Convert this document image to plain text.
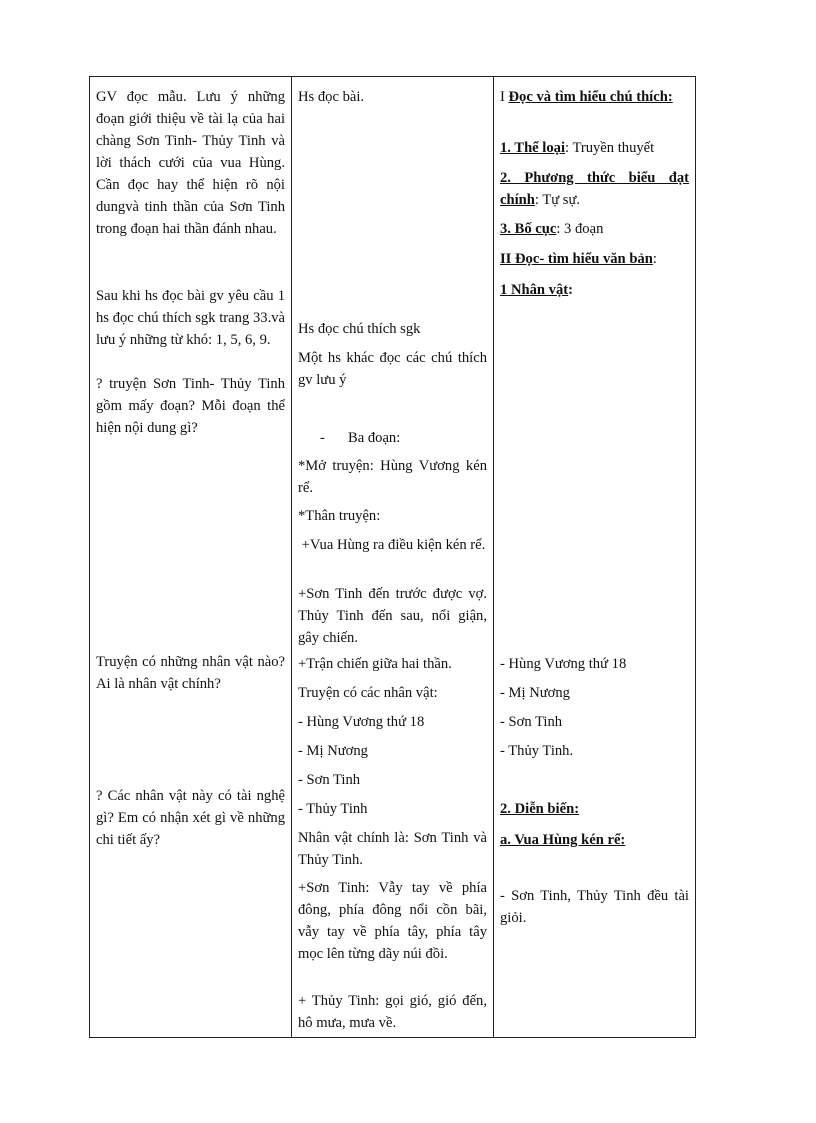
GV đọc mẫu. Lưu ý những đoạn giới thiệu về tài lạ của hai chàng Sơn Tinh- Thủy Tinh và lời thách cưới của vua Hùng. Cần đọc hay thể hiện rõ nội dungvà tinh thần của Sơn Tinh trong đoạn hai thần đánh nhau.

Sau khi hs đọc bài gv yêu cầu 1 hs đọc chú thích sgk trang 33.và lưu ý những từ khó: 1, 5, 6, 9.

? truyện Sơn Tinh- Thủy Tinh gồm mấy đoạn? Mỗi đoạn thể hiện nội dung gì?

Truyện có những nhân vật nào? Ai là nhân vật chính?

? Các nhân vật này có tài nghệ gì? Em có nhận xét gì về những chi tiết ấy?

Hs đọc bài.

Hs đọc chú thích sgk

Một hs khác đọc các chú thích gv lưu ý

- Ba đoạn:

*Mở truyện: Hùng Vương kén rể.

*Thân truyện:

+Vua Hùng ra điều kiện kén rể.

+Sơn Tinh đến trước được vợ. Thủy Tinh đến sau, nổi giận, gây chiến.

+Trận chiến giữa hai thần.

Truyện có các nhân vật:

- Hùng Vương thứ 18

- Mị Nương

- Sơn Tinh

- Thủy Tinh

Nhân vật chính là: Sơn Tinh và Thủy Tinh.

+Sơn Tinh: Vẫy tay về phía đông, phía đông nổi cồn bãi, vẫy tay về phía tây, phía tây mọc lên từng dãy núi đồi.

+ Thủy Tinh: gọi gió, gió đến, hô mưa, mưa về.

I Đọc và tìm hiểu chú thích:

1. Thể loại: Truyền thuyết

2. Phương thức biểu đạt chính: Tự sự.

3. Bố cục: 3 đoạn

II Đọc- tìm hiểu văn bản:

1 Nhân vật:

- Hùng Vương thứ 18

- Mị Nương

- Sơn Tinh

- Thủy Tinh.

2. Diễn biến:

a. Vua Hùng kén rể:

- Sơn Tinh, Thủy Tinh đều tài giỏi.
